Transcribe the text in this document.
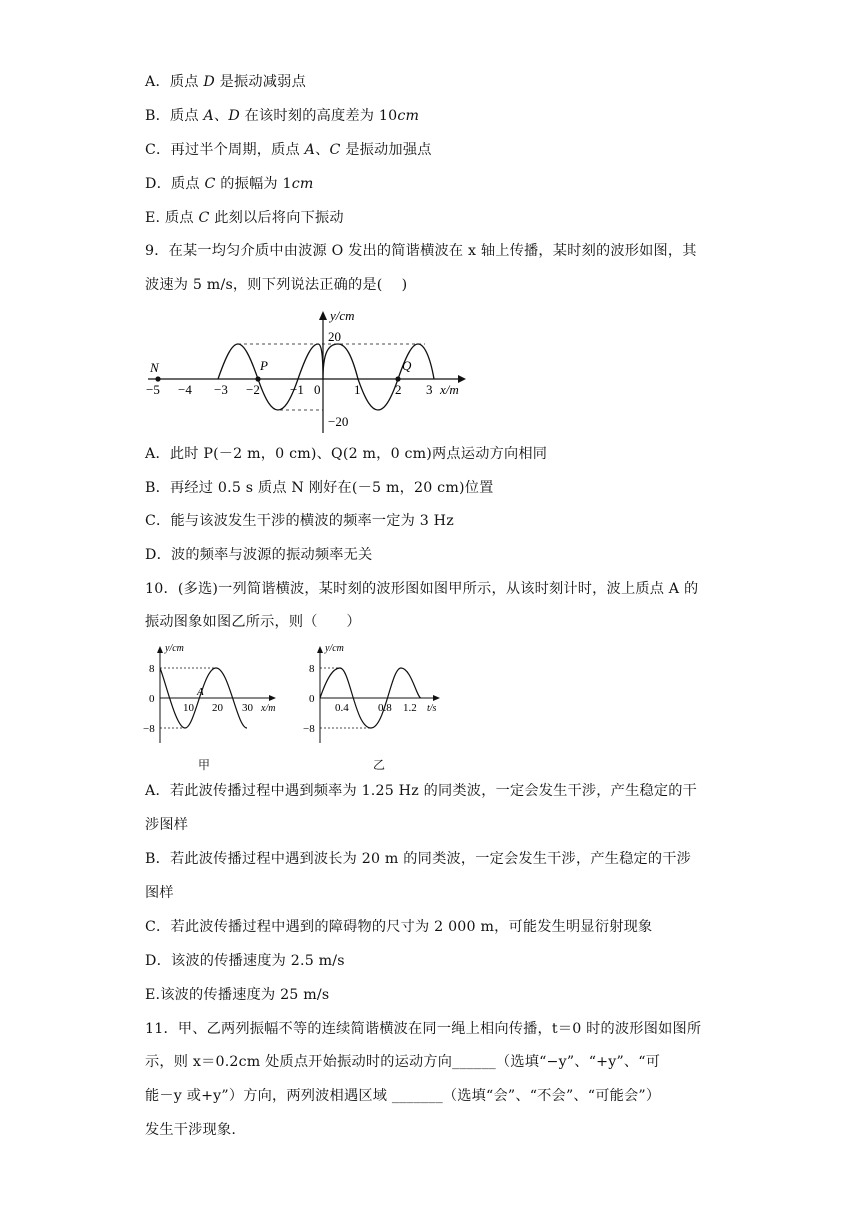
A．质点 D 是振动减弱点
B．质点 A、D 在该时刻的高度差为 10cm
C．再过半个周期，质点 A、C 是振动加强点
D．质点 C 的振幅为 1cm
E. 质点 C 此刻以后将向下振动
9．在某一均匀介质中由波源 O 发出的简谐横波在 x 轴上传播，某时刻的波形如图，其
波速为 5 m/s，则下列说法正确的是(　 )
y/cm
20
−20
x/m
N	P	Q
−5 −4 −3 −2 −1 0	1	2 3
A．此时 P(－2 m，0 cm)、Q(2 m，0 cm)两点运动方向相同
B．再经过 0.5 s 质点 N 刚好在(－5 m，20 cm)位置
C．能与该波发生干涉的横波的频率一定为 3 Hz
D．波的频率与波源的振动频率无关
10．(多选)一列简谐横波，某时刻的波形图如图甲所示，从该时刻计时，波上质点 A 的
振动图象如图乙所示，则（　　）
y/cm
8
0
−8
10 20 30 x/m
A
甲
y/cm
8
0
−8
0.4	0.8 1.2 t/s
乙
A．若此波传播过程中遇到频率为 1.25 Hz 的同类波，一定会发生干涉，产生稳定的干
涉图样
B．若此波传播过程中遇到波长为 20 m 的同类波，一定会发生干涉，产生稳定的干涉
图样
C．若此波传播过程中遇到的障碍物的尺寸为 2 000 m，可能发生明显衍射现象
D．该波的传播速度为 2.5 m/s
E.该波的传播速度为 25 m/s
11．甲、乙两列振幅不等的连续简谐横波在同一绳上相向传播，t＝0 时的波形图如图所
示，则 x＝0.2cm 处质点开始振动时的运动方向______（选填“−y”、“+y”、“可
能－y 或+y”）方向，两列波相遇区域 _______（选填“会”、“不会”、“可能会”）
发生干涉现象.
